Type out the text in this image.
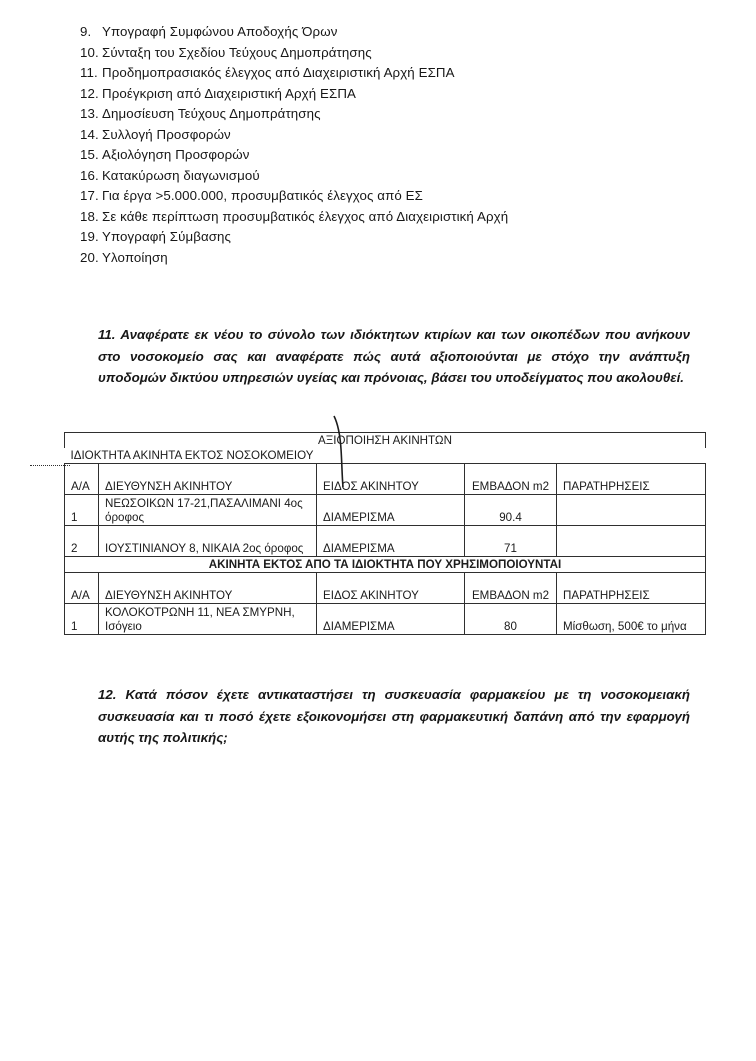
9. Υπογραφή Συμφώνου Αποδοχής Όρων
10. Σύνταξη του Σχεδίου Τεύχους Δημοπράτησης
11. Προδημοπρασιακός έλεγχος από Διαχειριστική Αρχή ΕΣΠΑ
12. Προέγκριση από Διαχειριστική Αρχή ΕΣΠΑ
13. Δημοσίευση Τεύχους Δημοπράτησης
14. Συλλογή Προσφορών
15. Αξιολόγηση Προσφορών
16. Κατακύρωση διαγωνισμού
17. Για έργα >5.000.000, προσυμβατικός έλεγχος από ΕΣ
18. Σε κάθε περίπτωση προσυμβατικός έλεγχος από Διαχειριστική Αρχή
19. Υπογραφή Σύμβασης
20. Υλοποίηση

11. Αναφέρατε εκ νέου το σύνολο των ιδιόκτητων κτιρίων και των οικοπέδων που ανήκουν στο νοσοκομείο σας και αναφέρατε πώς αυτά αξιοποιούνται με στόχο την ανάπτυξη υποδομών δικτύου υπηρεσιών υγείας και πρόνοιας, βάσει του υποδείγματος που ακολουθεί.

ΑΞΙΟΠΟΙΗΣΗ ΑΚΙΝΗΤΩΝ				
ΙΔΙΟΚΤΗΤΑ ΑΚΙΝΗΤΑ ΕΚΤΟΣ ΝΟΣΟΚΟΜΕΙΟΥ				
Α/Α	ΔΙΕΥΘΥΝΣΗ ΑΚΙΝΗΤΟΥ	ΕΙΔΟΣ ΑΚΙΝΗΤΟΥ	ΕΜΒΑΔΟΝ m2	ΠΑΡΑΤΗΡΗΣΕΙΣ
1	ΝΕΩΣΟΙΚΩΝ 17-21,ΠΑΣΑΛΙΜΑΝΙ 4ος όροφος	ΔΙΑΜΕΡΙΣΜΑ	90.4	
2	ΙΟΥΣΤΙΝΙΑΝΟΥ 8, ΝΙΚΑΙΑ 2ος όροφος	ΔΙΑΜΕΡΙΣΜΑ	71	
ΑΚΙΝΗΤΑ ΕΚΤΟΣ ΑΠΟ ΤΑ ΙΔΙΟΚΤΗΤΑ ΠΟΥ ΧΡΗΣΙΜΟΠΟΙΟΥΝΤΑΙ				
Α/Α	ΔΙΕΥΘΥΝΣΗ ΑΚΙΝΗΤΟΥ	ΕΙΔΟΣ ΑΚΙΝΗΤΟΥ	ΕΜΒΑΔΟΝ m2	ΠΑΡΑΤΗΡΗΣΕΙΣ
1	ΚΟΛΟΚΟΤΡΩΝΗ 11, ΝΕΑ ΣΜΥΡΝΗ, Ισόγειο	ΔΙΑΜΕΡΙΣΜΑ	80	Μίσθωση, 500€ το μήνα

12. Κατά πόσον έχετε αντικαταστήσει τη συσκευασία φαρμακείου με τη νοσοκομειακή συσκευασία και τι ποσό έχετε εξοικονομήσει στη φαρμακευτική δαπάνη από την εφαρμογή αυτής της πολιτικής;
